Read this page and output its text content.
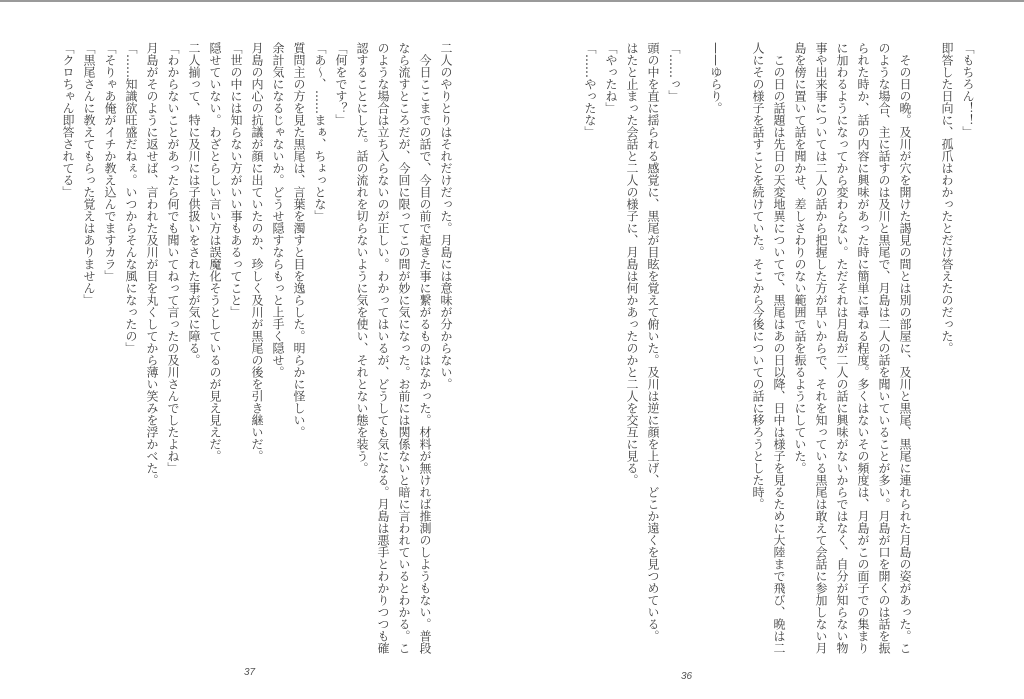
二人のやりとりはそれだけだった。月島には意味が分からない。
　今日ここまでの話で、今目の前で起きた事に繋がるものはなかった。材料が無ければ推測のしようもない。普段
なら流すところだが、今回に限ってこの間が妙に気になった。お前には関係ないと暗に言われているとわかる。こ
のような場合は立ち入らないのが正しい。わかってはいるが、どうしても気になる。月島は悪手とわかりつつも確
認することにした。話の流れを切らないように気を使い、それとない態を装う。
「何をです？」
「あ～、……まぁ、ちょっとな」
質問主の方を見た黒尾は、言葉を濁すと目を逸らした。明らかに怪しい。
余計気になるじゃないか。どうせ隠すならもっと上手く隠せ。
月島の内心の抗議が顔に出ていたのか、珍しく及川が黒尾の後を引き継いだ。
「世の中には知らない方がいい事もあるってこと」
隠せていない。わざとらしい言い方は誤魔化そうとしているのが見え見えだ。
二人揃って、特に及川には子供扱いをされた事が気に障る。
「わからないことがあったら何でも聞いてねって言ったの及川さんでしたよね」
月島がそのように返せば、言われた及川が目を丸くしてから薄い笑みを浮かべた。
「……知識欲旺盛だねぇ。いつからそんな風になったの」
「そりゃあ俺がイチか教え込んでますカラ」
「黒尾さんに教えてもらった覚えはありません」
「クロちゃん即答されてる」
37
「もちろん！！」
即答した日向に、孤爪はわかったとだけ答えたのだった。
　その日の晩。及川が穴を開けた謁見の間とは別の部屋に、及川と黒尾、黒尾に連れられた月島の姿があった。こ
のような場合、主に話すのは及川と黒尾で、月島は二人の話を聞いていることが多い。月島が口を開くのは話を振
られた時か、話の内容に興味があった時に簡単に尋ねる程度。多くはないその頻度は、月島がこの面子での集まり
に加わるようになってから変わらない。ただそれは月島が二人の話に興味がないからではなく、自分が知らない物
事や出来事については二人の話から把握した方が早いからで、それを知っている黒尾は敢えて会話に参加しない月
島を傍に置いて話を聞かせ、差しさわりのない範囲で話を振るようにしていた。
　この日の話題は先日の天変地異についてで、黒尾はあの日以降、日中は様子を見るために大陸まで飛び、晩は二
人にその様子を話すことを続けていた。そこから今後についての話に移ろうとした時。
——ゆらり。
「……っ」
頭の中を直に揺られる感覚に、黒尾が目眩を覚えて俯いた。及川は逆に顔を上げ、どこか遠くを見つめている。
はたと止まった会話と二人の様子に、月島は何かあったのかと二人を交互に見る。
「やったね」
「……やったな」
36
